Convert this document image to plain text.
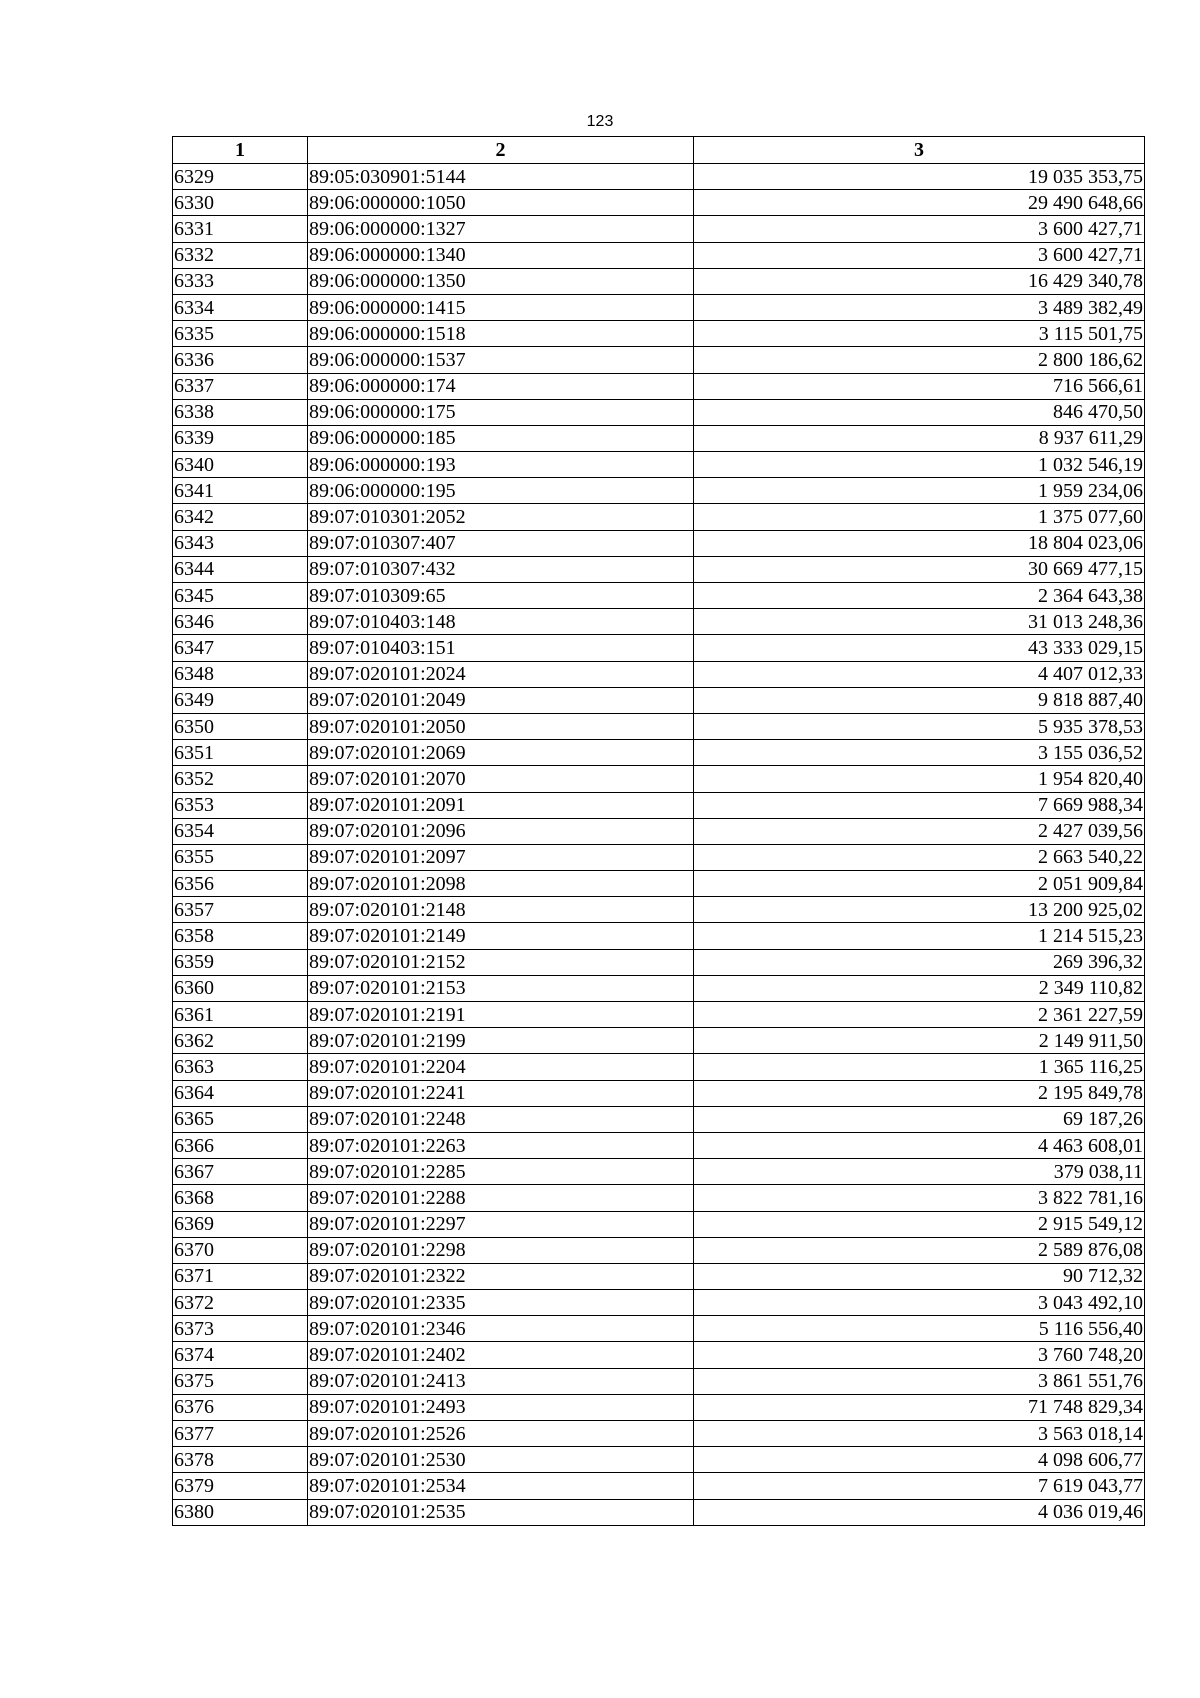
123
1	2	3
6329	89:05:030901:5144	19 035 353,75
6330	89:06:000000:1050	29 490 648,66
6331	89:06:000000:1327	3 600 427,71
6332	89:06:000000:1340	3 600 427,71
6333	89:06:000000:1350	16 429 340,78
6334	89:06:000000:1415	3 489 382,49
6335	89:06:000000:1518	3 115 501,75
6336	89:06:000000:1537	2 800 186,62
6337	89:06:000000:174	716 566,61
6338	89:06:000000:175	846 470,50
6339	89:06:000000:185	8 937 611,29
6340	89:06:000000:193	1 032 546,19
6341	89:06:000000:195	1 959 234,06
6342	89:07:010301:2052	1 375 077,60
6343	89:07:010307:407	18 804 023,06
6344	89:07:010307:432	30 669 477,15
6345	89:07:010309:65	2 364 643,38
6346	89:07:010403:148	31 013 248,36
6347	89:07:010403:151	43 333 029,15
6348	89:07:020101:2024	4 407 012,33
6349	89:07:020101:2049	9 818 887,40
6350	89:07:020101:2050	5 935 378,53
6351	89:07:020101:2069	3 155 036,52
6352	89:07:020101:2070	1 954 820,40
6353	89:07:020101:2091	7 669 988,34
6354	89:07:020101:2096	2 427 039,56
6355	89:07:020101:2097	2 663 540,22
6356	89:07:020101:2098	2 051 909,84
6357	89:07:020101:2148	13 200 925,02
6358	89:07:020101:2149	1 214 515,23
6359	89:07:020101:2152	269 396,32
6360	89:07:020101:2153	2 349 110,82
6361	89:07:020101:2191	2 361 227,59
6362	89:07:020101:2199	2 149 911,50
6363	89:07:020101:2204	1 365 116,25
6364	89:07:020101:2241	2 195 849,78
6365	89:07:020101:2248	69 187,26
6366	89:07:020101:2263	4 463 608,01
6367	89:07:020101:2285	379 038,11
6368	89:07:020101:2288	3 822 781,16
6369	89:07:020101:2297	2 915 549,12
6370	89:07:020101:2298	2 589 876,08
6371	89:07:020101:2322	90 712,32
6372	89:07:020101:2335	3 043 492,10
6373	89:07:020101:2346	5 116 556,40
6374	89:07:020101:2402	3 760 748,20
6375	89:07:020101:2413	3 861 551,76
6376	89:07:020101:2493	71 748 829,34
6377	89:07:020101:2526	3 563 018,14
6378	89:07:020101:2530	4 098 606,77
6379	89:07:020101:2534	7 619 043,77
6380	89:07:020101:2535	4 036 019,46
